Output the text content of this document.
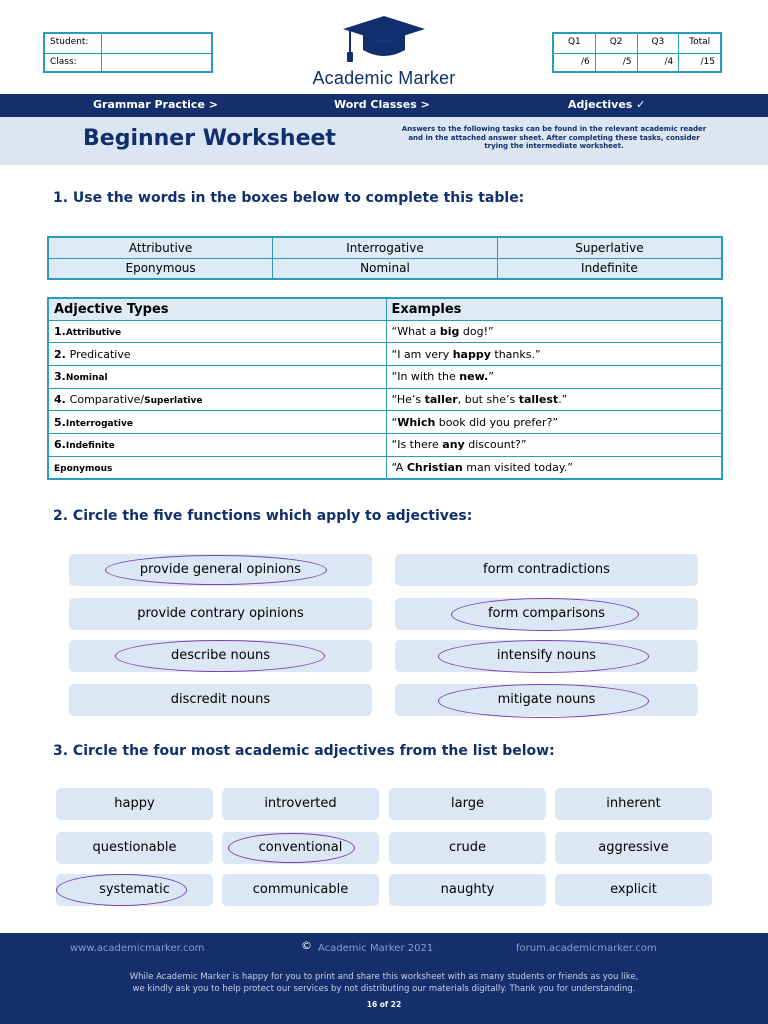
Student:
Class:
Academic Marker
Q1	Q2	Q3	Total
/6	/5	/4	/15
Grammar Practice >	Word Classes >	Adjectives ✓
Beginner Worksheet	Answers to the following tasks can be found in the relevant academic reader and in the attached answer sheet. After completing these tasks, consider trying the intermediate worksheet.
1. Use the words in the boxes below to complete this table:
Attributive	Interrogative	Superlative
Eponymous	Nominal	Indefinite
Adjective Types	Examples
1.Attributive	“What a big dog!”
2. Predicative	“I am very happy thanks.”
3.Nominal	“In with the new.”
4. Comparative/Superlative	“He’s taller, but she’s tallest.”
5.Interrogative	“Which book did you prefer?”
6.Indefinite	“Is there any discount?”
Eponymous	“A Christian man visited today.”
2. Circle the five functions which apply to adjectives:
provide general opinions	form contradictions
provide contrary opinions	form comparisons
describe nouns	intensify nouns
discredit nouns	mitigate nouns
3. Circle the four most academic adjectives from the list below:
happy	introverted	large	inherent
questionable	conventional	crude	aggressive
systematic	communicable	naughty	explicit
www.academicmarker.com	Academic Marker 2021	forum.academicmarker.com
©
While Academic Marker is happy for you to print and share this worksheet with as many students or friends as you like,
we kindly ask you to help protect our services by not distributing our materials digitally. Thank you for understanding.
16 of 22
